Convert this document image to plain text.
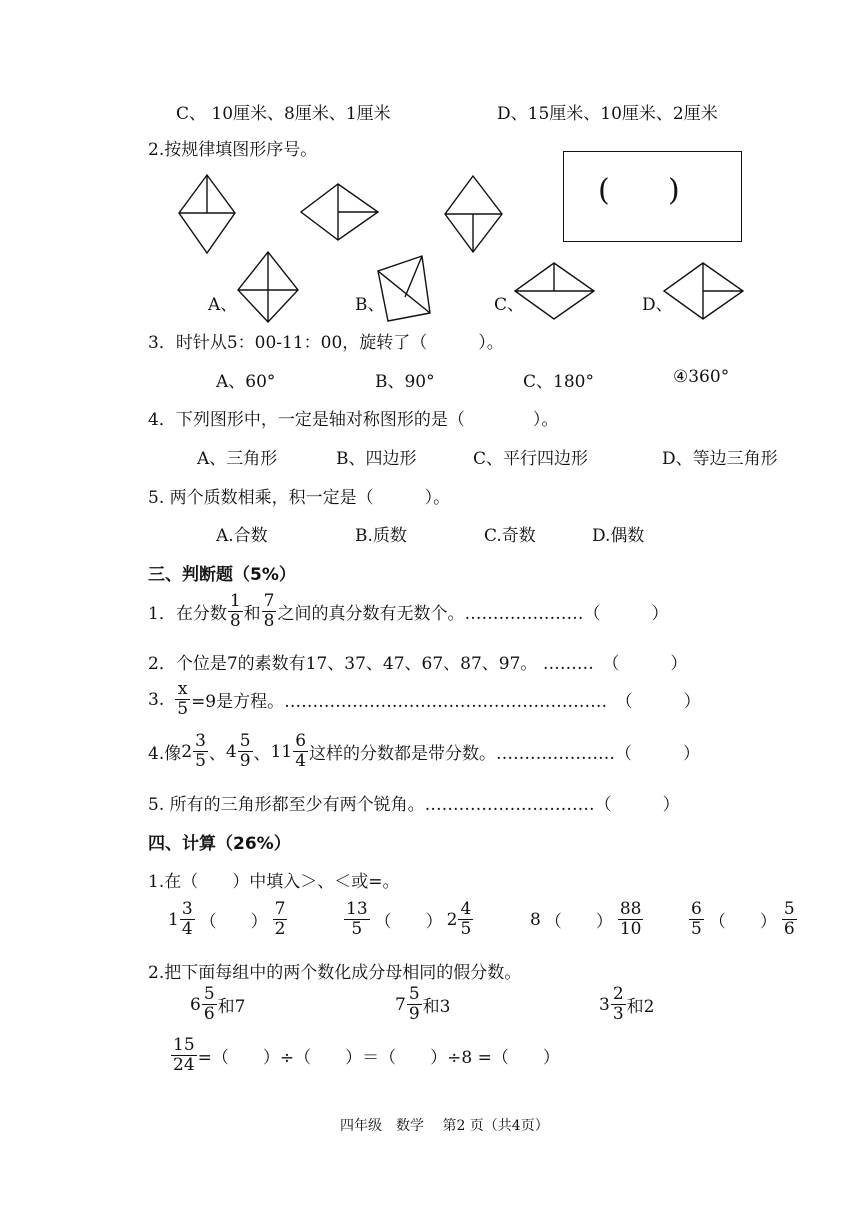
C、 10厘米、8厘米、1厘米	D、15厘米、10厘米、2厘米
2.按规律填图形序号。
( )
A、	B、	C、	D、
3．时针从5：00-11：00，旋转了（　　　）。
A、60°	B、90°	C、180°	④360°
4．下列图形中，一定是轴对称图形的是（　　　　）。
A、三角形	B、四边形	C、平行四边形	D、等边三角形
5. 两个质数相乘，积一定是（　　　）。
A.合数	B.质数	C.奇数	D.偶数
三、判断题（5%）
1．在分数 $\frac{1}{8}$ 和 $\frac{7}{8}$ 之间的真分数有无数个。…………………（　　　）
2．个位是7的素数有17、37、47、67、87、97。 ………　（　　　）
3. $\frac{x}{5} =9$是方程。…………………………………………………　（　　　）
4.像 $2 \frac{3}{5}$ 、 $4 \frac{5}{9}$ 、 $11 \frac{6}{4}$ 这样的分数都是带分数。…………………（　　　）
5. 所有的三角形都至少有两个锐角。…………………………（　　　）
四、计算（26%）
1.在（　　）中填入＞、＜或=。
$1 \frac{3}{4}$ （　　） $\frac{7}{2}$	$\frac{13}{5}$ （　　） $2 \frac{4}{5}$	8 （　　） $\frac{88}{10}$	$\frac{6}{5}$ （　　） $\frac{5}{6}$
2.把下面每组中的两个数化成分母相同的假分数。
$6 \frac{5}{6}$ 和7	$7 \frac{5}{9}$ 和3	$3 \frac{2}{3}$ 和2
$\frac{15}{24}$ =（　　）÷（　　）＝（　　）÷8 =（　　）
四年级　数学　 第2 页（共4页）
